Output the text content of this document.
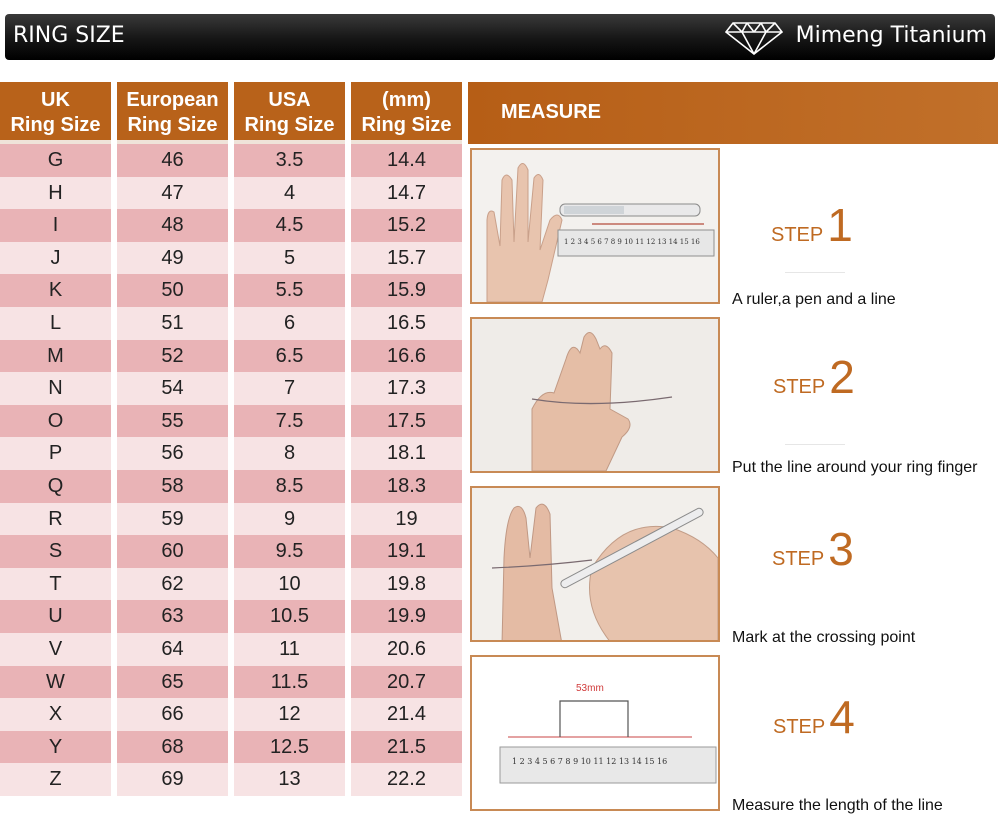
RING SIZE	Mimeng Titanium
UK
Ring Size
G
H
I
J
K
L
M
N
O
P
Q
R
S
T
U
V
W
X
Y
Z
European
Ring Size
46
47
48
49
50
51
52
54
55
56
58
59
60
62
63
64
65
66
68
69
USA
Ring Size
3.5
4
4.5
5
5.5
6
6.5
7
7.5
8
8.5
9
9.5
10
10.5
11
11.5
12
12.5
13
(mm)
Ring Size
14.4
14.7
15.2
15.7
15.9
16.5
16.6
17.3
17.5
18.1
18.3
19
19.1
19.8
19.9
20.6
20.7
21.4
21.5
22.2
MEASURE
1 2 3 4 5 6 7 8 9 10 11 12 13 14 15 16
53mm
1 2 3 4 5 6 7 8 9 10 11 12 13 14 15 16
STEP1
A ruler,a pen and a line
STEP2
Put the line around your ring finger
STEP3
Mark at the crossing point
STEP4
Measure the length of the line
